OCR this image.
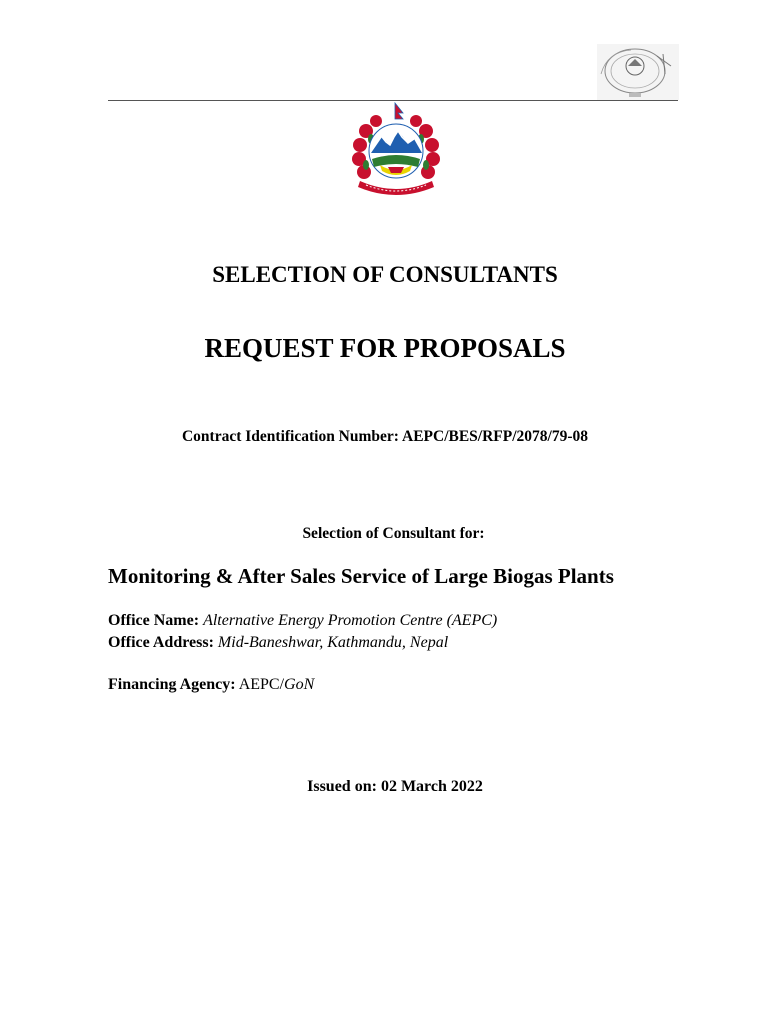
SELECTION OF CONSULTANTS
REQUEST FOR PROPOSALS
Contract Identification Number: AEPC/BES/RFP/2078/79-08
Selection of Consultant for:
Monitoring & After Sales Service of Large Biogas Plants
Office Name: Alternative Energy Promotion Centre (AEPC)
Office Address: Mid-Baneshwar, Kathmandu, Nepal
Financing Agency: AEPC/GoN
Issued on: 02 March 2022
